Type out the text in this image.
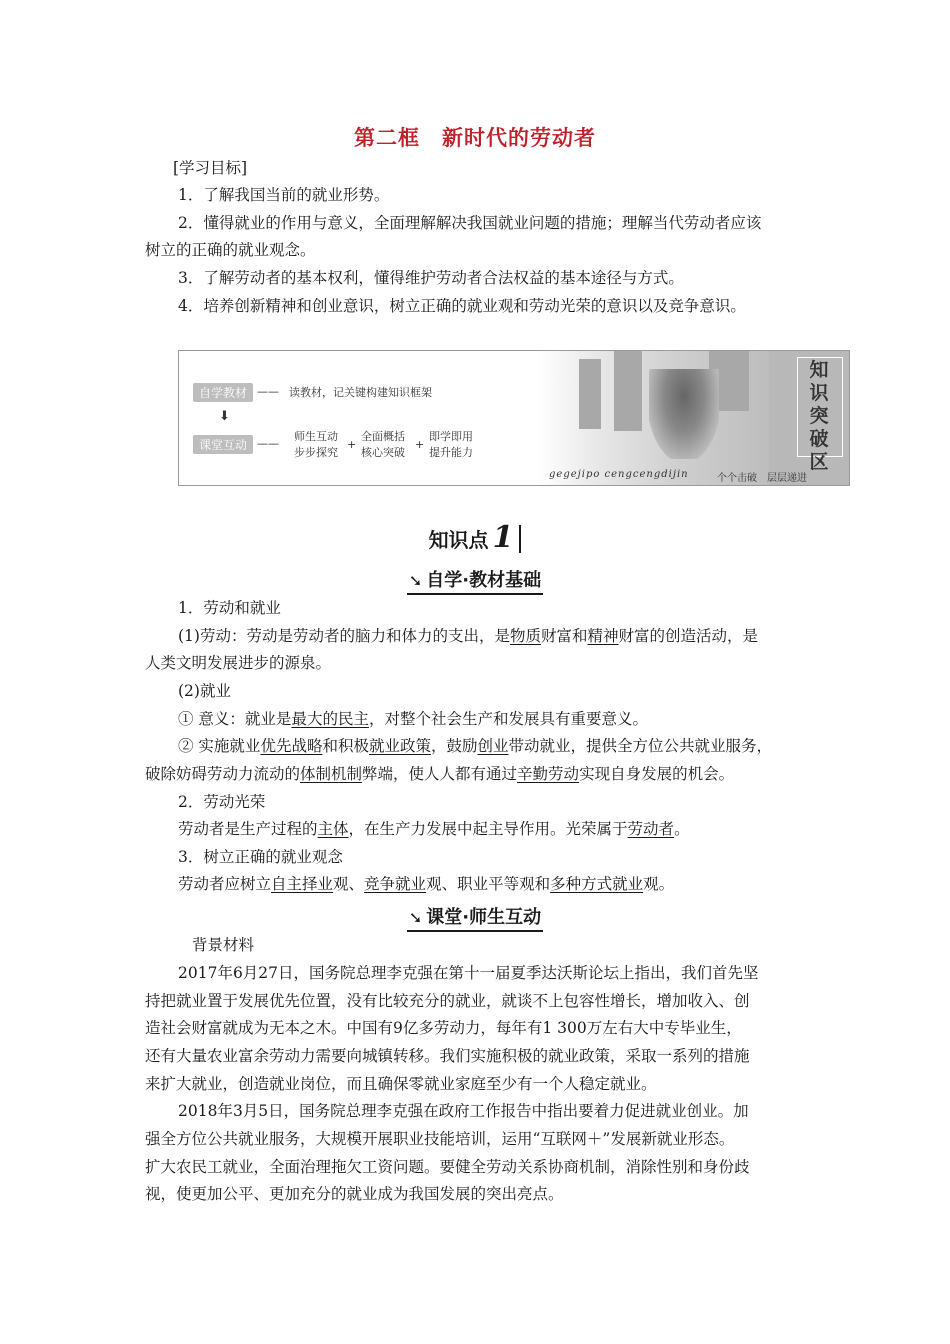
第二框　新时代的劳动者
[学习目标]
1．了解我国当前的就业形势。
2．懂得就业的作用与意义，全面理解解决我国就业问题的措施；理解当代劳动者应该
树立的正确的就业观念。
3．了解劳动者的基本权利，懂得维护劳动者合法权益的基本途径与方式。
4．培养创新精神和创业意识，树立正确的就业观和劳动光荣的意识以及竞争意识。
知
识
突
破
区
自学教材 —— 读教材，记关键构建知识框架
⬇
课堂互动 ——
师生互动
步步探究
+
全面概括
核心突破
+
即学即用
提升能力
gegejipo cengcengdijin	个个击破　层层递进
知识点 1
➘ 自学·教材基础
1．劳动和就业
(1)劳动：劳动是劳动者的脑力和体力的支出，是物质财富和精神财富的创造活动，是
人类文明发展进步的源泉。
(2)就业
① 意义：就业是最大的民主，对整个社会生产和发展具有重要意义。
② 实施就业优先战略和积极就业政策，鼓励创业带动就业，提供全方位公共就业服务，
破除妨碍劳动力流动的体制机制弊端，使人人都有通过辛勤劳动实现自身发展的机会。
2．劳动光荣
劳动者是生产过程的主体，在生产力发展中起主导作用。光荣属于劳动者。
3．树立正确的就业观念
劳动者应树立自主择业观、竞争就业观、职业平等观和多种方式就业观。
➘ 课堂·师生互动
背景材料
2017年6月27日，国务院总理李克强在第十一届夏季达沃斯论坛上指出，我们首先坚
持把就业置于发展优先位置，没有比较充分的就业，就谈不上包容性增长，增加收入、创
造社会财富就成为无本之木。中国有9亿多劳动力，每年有1 300万左右大中专毕业生，
还有大量农业富余劳动力需要向城镇转移。我们实施积极的就业政策，采取一系列的措施
来扩大就业，创造就业岗位，而且确保零就业家庭至少有一个人稳定就业。
2018年3月5日，国务院总理李克强在政府工作报告中指出要着力促进就业创业。加
强全方位公共就业服务，大规模开展职业技能培训，运用“互联网＋”发展新就业形态。
扩大农民工就业，全面治理拖欠工资问题。要健全劳动关系协商机制，消除性别和身份歧
视，使更加公平、更加充分的就业成为我国发展的突出亮点。
